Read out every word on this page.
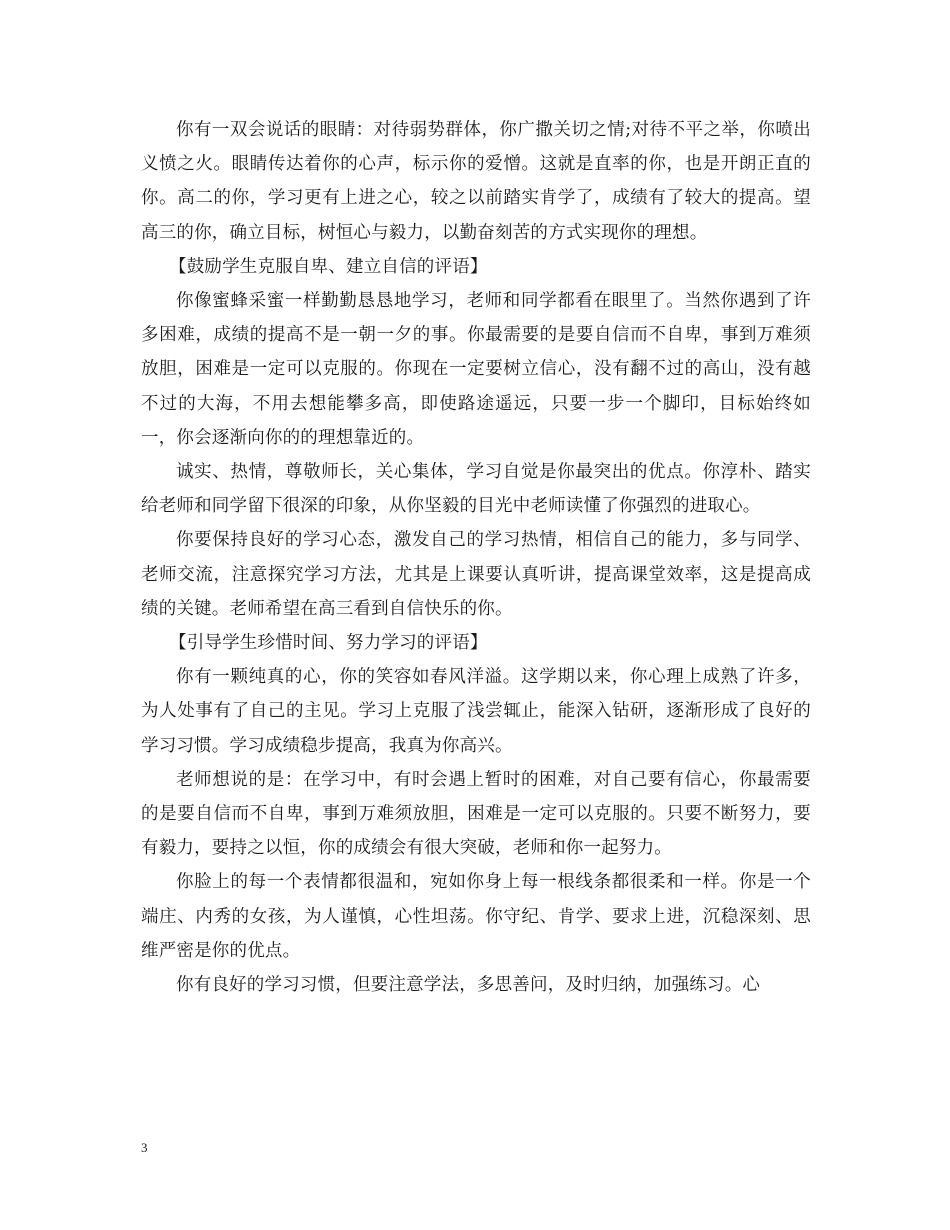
你有一双会说话的眼睛：对待弱势群体，你广撒关切之情;对待不平之举，你喷出义愤之火。眼睛传达着你的心声，标示你的爱憎。这就是直率的你，也是开朗正直的你。高二的你，学习更有上进之心，较之以前踏实肯学了，成绩有了较大的提高。望高三的你，确立目标，树恒心与毅力，以勤奋刻苦的方式实现你的理想。

【鼓励学生克服自卑、建立自信的评语】

你像蜜蜂采蜜一样勤勤恳恳地学习，老师和同学都看在眼里了。当然你遇到了许多困难，成绩的提高不是一朝一夕的事。你最需要的是要自信而不自卑，事到万难须放胆，困难是一定可以克服的。你现在一定要树立信心，没有翻不过的高山，没有越不过的大海，不用去想能攀多高，即使路途遥远，只要一步一个脚印，目标始终如一，你会逐渐向你的的理想靠近的。

诚实、热情，尊敬师长，关心集体，学习自觉是你最突出的优点。你淳朴、踏实给老师和同学留下很深的印象，从你坚毅的目光中老师读懂了你强烈的进取心。

你要保持良好的学习心态，激发自己的学习热情，相信自己的能力，多与同学、老师交流，注意探究学习方法，尤其是上课要认真听讲，提高课堂效率，这是提高成绩的关键。老师希望在高三看到自信快乐的你。

【引导学生珍惜时间、努力学习的评语】

你有一颗纯真的心，你的笑容如春风洋溢。这学期以来，你心理上成熟了许多，为人处事有了自己的主见。学习上克服了浅尝辄止，能深入钻研，逐渐形成了良好的学习习惯。学习成绩稳步提高，我真为你高兴。

老师想说的是：在学习中，有时会遇上暂时的困难，对自己要有信心，你最需要的是要自信而不自卑，事到万难须放胆，困难是一定可以克服的。只要不断努力，要有毅力，要持之以恒，你的成绩会有很大突破，老师和你一起努力。

你脸上的每一个表情都很温和，宛如你身上每一根线条都很柔和一样。你是一个端庄、内秀的女孩，为人谨慎，心性坦荡。你守纪、肯学、要求上进，沉稳深刻、思维严密是你的优点。

你有良好的学习习惯，但要注意学法，多思善问，及时归纳，加强练习。心

3
